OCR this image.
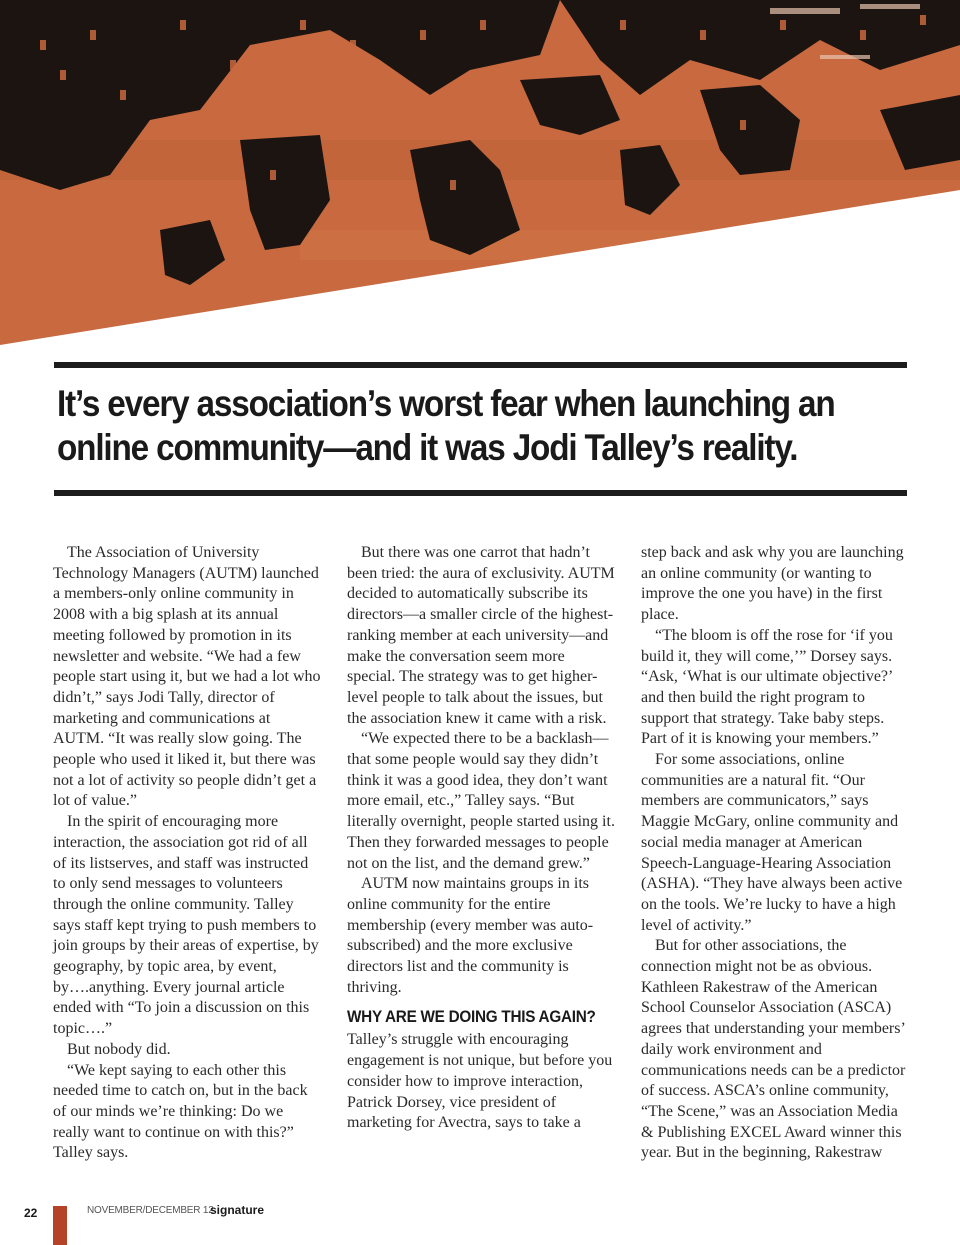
It’s every association’s worst fear when launching an
online community—and it was Jodi Talley’s reality.

The Association of University Technology Managers (AUTM) launched a members-only online community in 2008 with a big splash at its annual meeting followed by promotion in its newsletter and website. “We had a few people start using it, but we had a lot who didn’t,” says Jodi Tally, director of marketing and communications at AUTM. “It was really slow going. The people who used it liked it, but there was not a lot of activity so people didn’t get a lot of value.”

In the spirit of encouraging more interaction, the association got rid of all of its listserves, and staff was instructed to only send messages to volunteers through the online community. Talley says staff kept trying to push members to join groups by their areas of expertise, by geography, by topic area, by event, by….anything. Every journal article ended with “To join a discussion on this topic….”

But nobody did.

“We kept saying to each other this needed time to catch on, but in the back of our minds we’re thinking: Do we really want to continue on with this?” Talley says.

But there was one carrot that hadn’t been tried: the aura of exclusivity. AUTM decided to automatically subscribe its directors—a smaller circle of the highest-ranking member at each university—and make the conversation seem more special. The strategy was to get higher-level people to talk about the issues, but the association knew it came with a risk.

“We expected there to be a backlash—that some people would say they didn’t think it was a good idea, they don’t want more email, etc.,” Talley says. “But literally overnight, people started using it. Then they forwarded messages to people not on the list, and the demand grew.”

AUTM now maintains groups in its online community for the entire membership (every member was auto-subscribed) and the more exclusive directors list and the community is thriving.

WHY ARE WE DOING THIS AGAIN?

Talley’s struggle with encouraging engagement is not unique, but before you consider how to improve interaction, Patrick Dorsey, vice president of marketing for Avectra, says to take a

step back and ask why you are launching an online community (or wanting to improve the one you have) in the first place.

“The bloom is off the rose for ‘if you build it, they will come,’” Dorsey says. “Ask, ‘What is our ultimate objective?’ and then build the right program to support that strategy. Take baby steps. Part of it is knowing your members.”

For some associations, online communities are a natural fit. “Our members are communicators,” says Maggie McGary, online community and social media manager at American Speech-Language-Hearing Association (ASHA). “They have always been active on the tools. We’re lucky to have a high level of activity.”

But for other associations, the connection might not be as obvious. Kathleen Rakestraw of the American School Counselor Association (ASCA) agrees that understanding your members’ daily work environment and communications needs can be a predictor of success. ASCA’s online community, “The Scene,” was an Association Media & Publishing EXCEL Award winner this year. But in the beginning, Rakestraw

22	NOVEMBER/DECEMBER 12
signature
